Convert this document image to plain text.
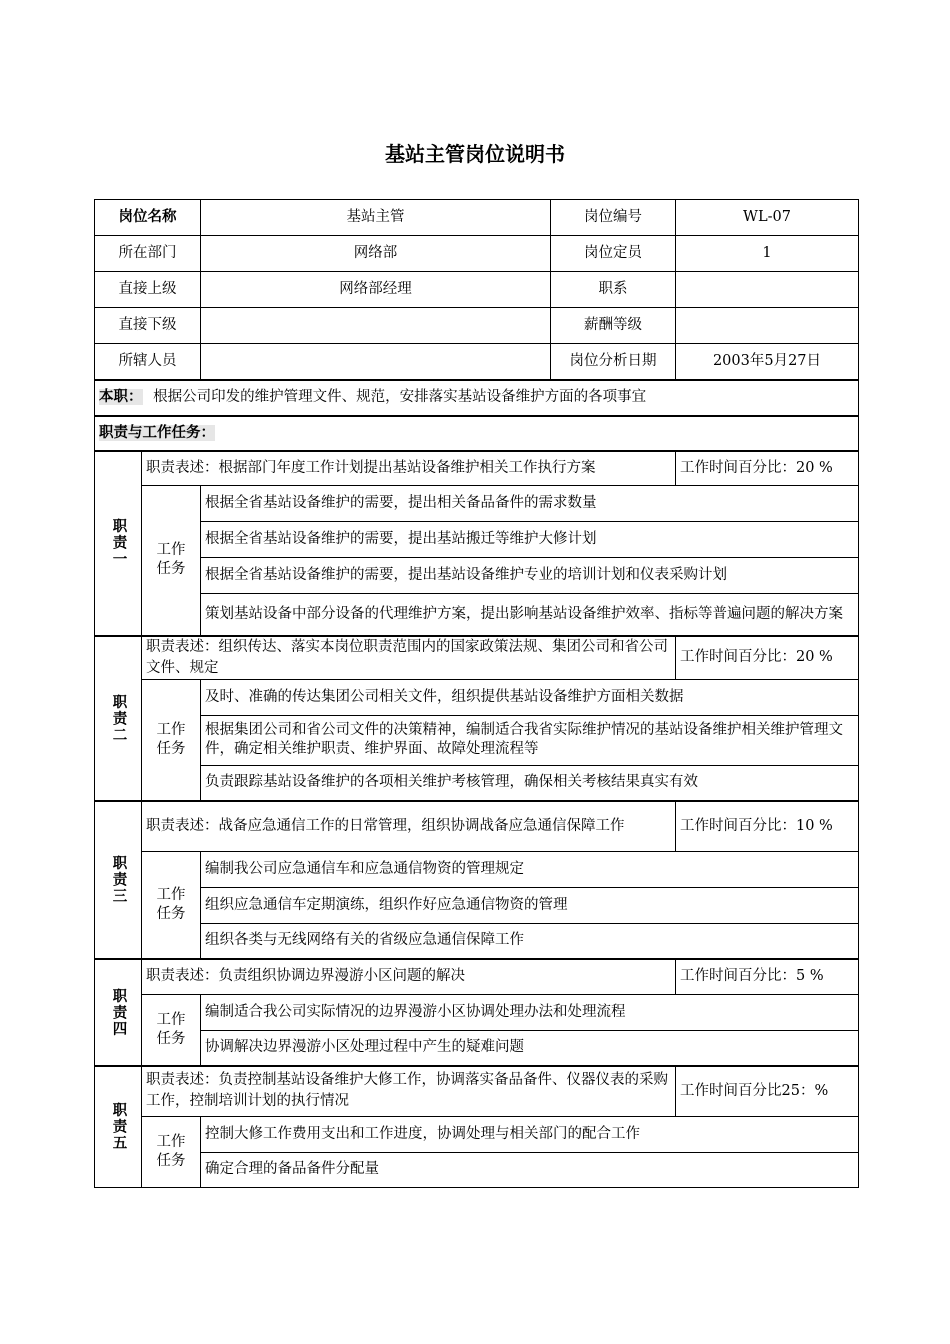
基站主管岗位说明书
岗位名称		基站主管	岗位编号	WL-07
所在部门		网络部	岗位定员	1
直接上级		网络部经理	职系	
直接下级			薪酬等级	
所辖人员			岗位分析日期	2003年5月27日
本职： 根据公司印发的维护管理文件、规范，安排落实基站设备维护方面的各项事宜				
职责与工作任务：				

职责一	职责表述：根据部门年度工作计划提出基站设备维护相关工作执行方案			工作时间百分比：20 %
	工作任务	根据全省基站设备维护的需要，提出相关备品备件的需求数量		
		根据全省基站设备维护的需要，提出基站搬迁等维护大修计划		
		根据全省基站设备维护的需要，提出基站设备维护专业的培训计划和仪表采购计划		
		策划基站设备中部分设备的代理维护方案，提出影响基站设备维护效率、指标等普遍问题的解决方案		

职责二	职责表述：组织传达、落实本岗位职责范围内的国家政策法规、集团公司和省公司文件、规定			工作时间百分比：20 %
	工作任务	及时、准确的传达集团公司相关文件，组织提供基站设备维护方面相关数据		
		根据集团公司和省公司文件的决策精神，编制适合我省实际维护情况的基站设备维护相关维护管理文件，确定相关维护职责、维护界面、故障处理流程等		
		负责跟踪基站设备维护的各项相关维护考核管理，确保相关考核结果真实有效		

职责三	职责表述：战备应急通信工作的日常管理，组织协调战备应急通信保障工作			工作时间百分比：10 %
	工作任务	编制我公司应急通信车和应急通信物资的管理规定		
		组织应急通信车定期演练，组织作好应急通信物资的管理		
		组织各类与无线网络有关的省级应急通信保障工作		

职责四	职责表述：负责组织协调边界漫游小区问题的解决			工作时间百分比：5 %
	工作任务	编制适合我公司实际情况的边界漫游小区协调处理办法和处理流程		
		协调解决边界漫游小区处理过程中产生的疑难问题		

职责五	职责表述：负责控制基站设备维护大修工作，协调落实备品备件、仪器仪表的采购工作，控制培训计划的执行情况			工作时间百分比25：%
	工作任务	控制大修工作费用支出和工作进度，协调处理与相关部门的配合工作		
		确定合理的备品备件分配量		
